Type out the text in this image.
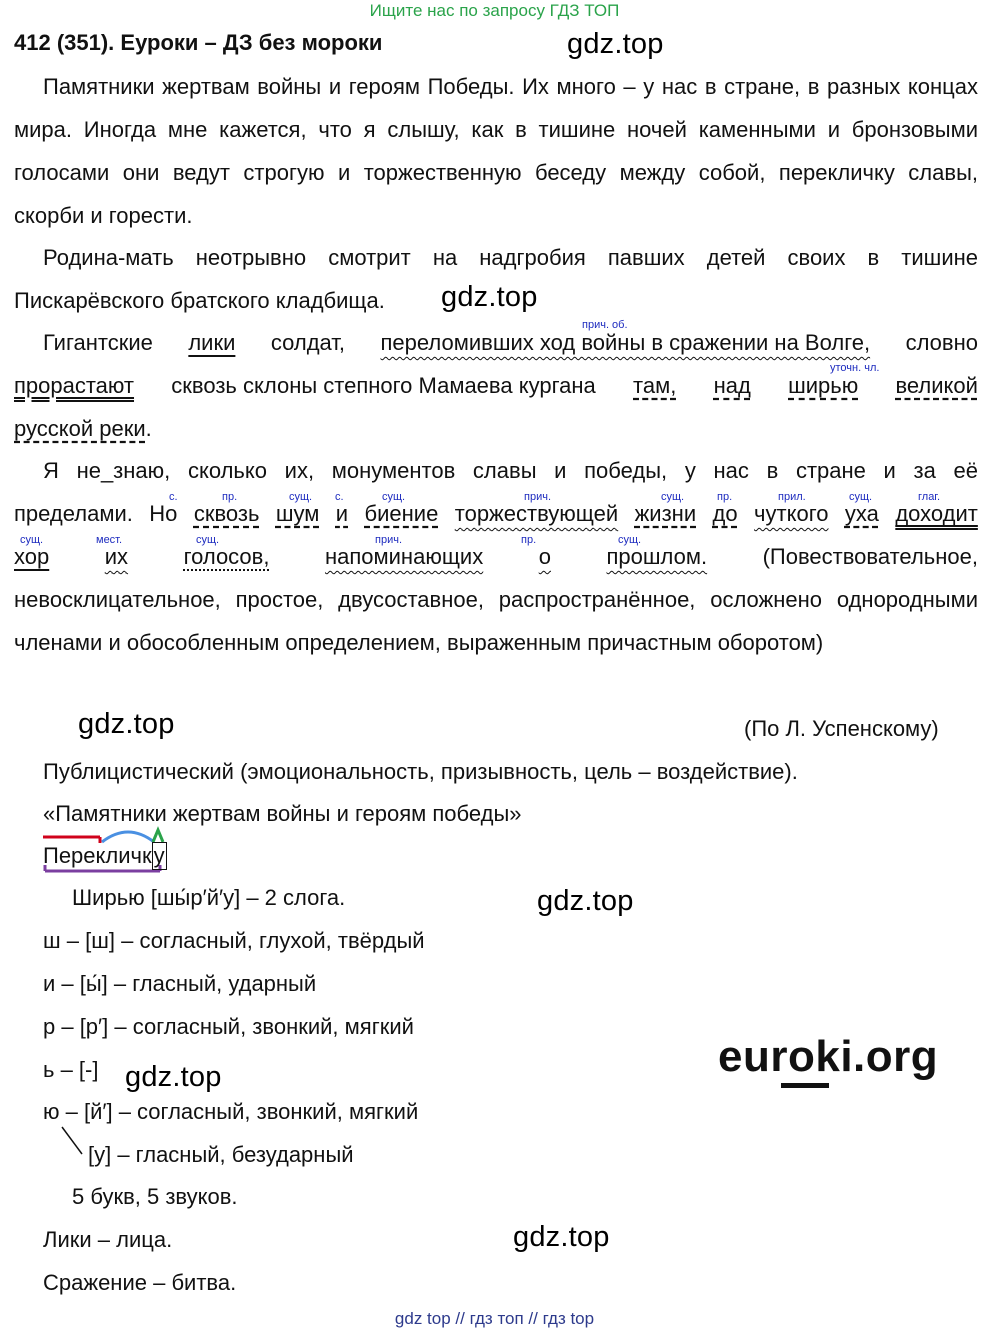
Ищите нас по запросу ГДЗ ТОП
412 (351). Еуроки – ДЗ без мороки	gdz.top
gdz.top
gdz.top
gdz.top
gdz.top
gdz.top
Памятники жертвам войны и героям Победы. Их много – у нас в стране, в разных концах мира. Иногда мне кажется, что я слышу, как в тишине ночей каменными и бронзовыми голосами они ведут строгую и торжественную беседу между собой, перекличку славы, скорби и горести.
Родина-мать неотрывно смотрит на надгробия павших детей своих в тишине Пискарёвского братского кладбища.
прич. об.
уточн. чл.
Гигантские лики солдат, переломивших ход войны в сражении на Волге, словно
прорастают сквозь склоны степного Мамаева кургана там, над ширью великой
русской реки.
Я не_знаю, сколько их, монументов славы и победы, у нас в стране и за её
с.	пр.	сущ. с.	сущ.	прич.	сущ.	пр.	прил.	сущ.	глаг.
пределами. Но сквозь шум и биение торжествующей жизни до чуткого уха доходит
сущ.	мест.	сущ.	прич.	пр.	сущ.
хор	их	голосов,	напоминающих	о	прошлом.	(Повествовательное,
невосклицательное, простое, двусоставное, распространённое, осложнено однородными членами и обособленным определением, выраженным причастным оборотом)
(По Л. Успенскому)
Публицистический (эмоциональность, призывность, цель – воздействие).
«Памятники жертвам войны и героям победы»
Перекличку
Ширью [шы́р′й′у] – 2 слога.
ш – [ш] – согласный, глухой, твёрдый
и – [ы́] – гласный, ударный
р – [р′] – согласный, звонкий, мягкий
ь – [-]
ю – [й′] – согласный, звонкий, мягкий
[у] – гласный, безударный
5 букв, 5 звуков.
Лики – лица.
Сражение – битва.
euroki.org
gdz top // гдз топ // гдз top
